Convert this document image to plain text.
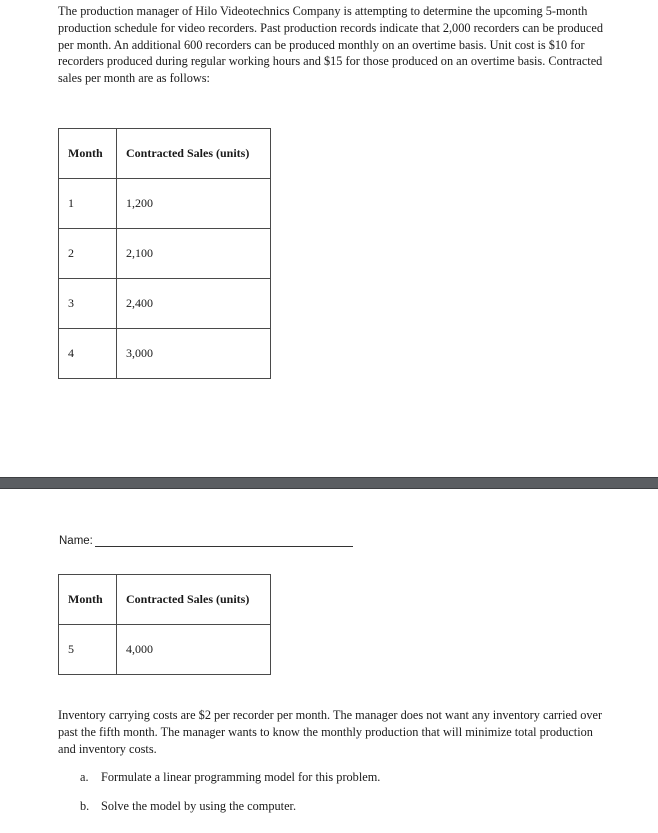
The production manager of Hilo Videotechnics Company is attempting to determine the upcoming 5-month production schedule for video recorders. Past production records indicate that 2,000 recorders can be produced per month. An additional 600 recorders can be produced monthly on an overtime basis. Unit cost is $10 for recorders produced during regular working hours and $15 for those produced on an overtime basis. Contracted sales per month are as follows:

Month	Contracted Sales (units)
1	1,200
2	2,100
3	2,400
4	3,000
Name:
Month	Contracted Sales (units)
5	4,000

Inventory carrying costs are $2 per recorder per month. The manager does not want any inventory carried over past the fifth month. The manager wants to know the monthly production that will minimize total production and inventory costs.

a. Formulate a linear programming model for this problem.
b. Solve the model by using the computer.
